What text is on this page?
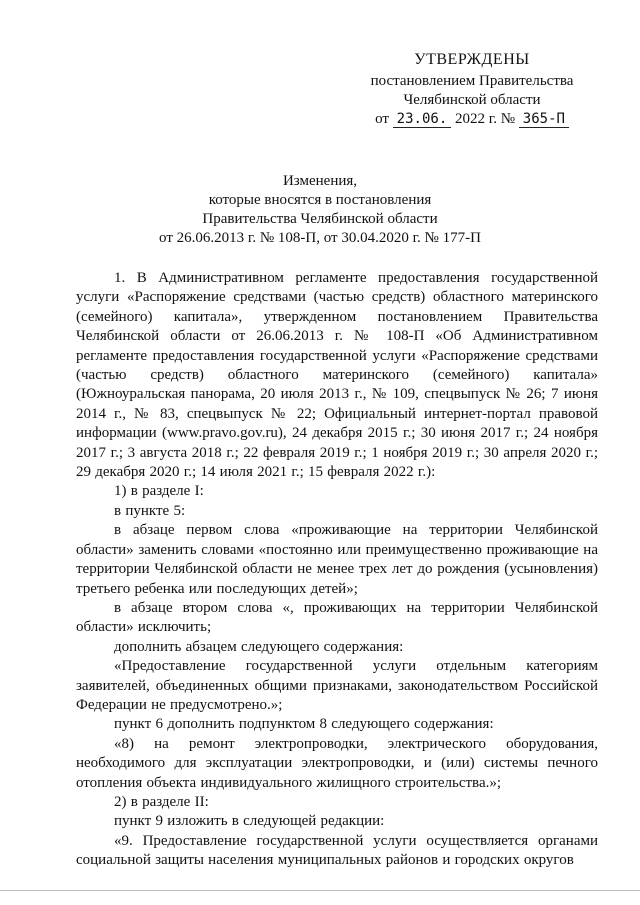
УТВЕРЖДЕНЫ
постановлением Правительства
Челябинской области
от 23.06. 2022 г. № 365-П
Изменения,
которые вносятся в постановления
Правительства Челябинской области
от 26.06.2013 г. № 108-П, от 30.04.2020 г. № 177-П

1. В Административном регламенте предоставления государственной услуги «Распоряжение средствами (частью средств) областного материнского (семейного) капитала», утвержденном постановлением Правительства Челябинской области от 26.06.2013 г. № 108-П «Об Административном регламенте предоставления государственной услуги «Распоряжение средствами (частью средств) областного материнского (семейного) капитала» (Южноуральская панорама, 20 июля 2013 г., № 109, спецвыпуск № 26; 7 июня 2014 г., № 83, спецвыпуск № 22; Официальный интернет-портал правовой информации (www.pravo.gov.ru), 24 декабря 2015 г.; 30 июня 2017 г.; 24 ноября 2017 г.; 3 августа 2018 г.; 22 февраля 2019 г.; 1 ноября 2019 г.; 30 апреля 2020 г.; 29 декабря 2020 г.; 14 июля 2021 г.; 15 февраля 2022 г.):

1) в разделе I:

в пункте 5:

в абзаце первом слова «проживающие на территории Челябинской области» заменить словами «постоянно или преимущественно проживающие на территории Челябинской области не менее трех лет до рождения (усыновления) третьего ребенка или последующих детей»;

в абзаце втором слова «, проживающих на территории Челябинской области» исключить;

дополнить абзацем следующего содержания:

«Предоставление государственной услуги отдельным категориям заявителей, объединенных общими признаками, законодательством Российской Федерации не предусмотрено.»;

пункт 6 дополнить подпунктом 8 следующего содержания:

«8) на ремонт электропроводки, электрического оборудования, необходимого для эксплуатации электропроводки, и (или) системы печного отопления объекта индивидуального жилищного строительства.»;

2) в разделе II:

пункт 9 изложить в следующей редакции:

«9. Предоставление государственной услуги осуществляется органами социальной защиты населения муниципальных районов и городских округов
